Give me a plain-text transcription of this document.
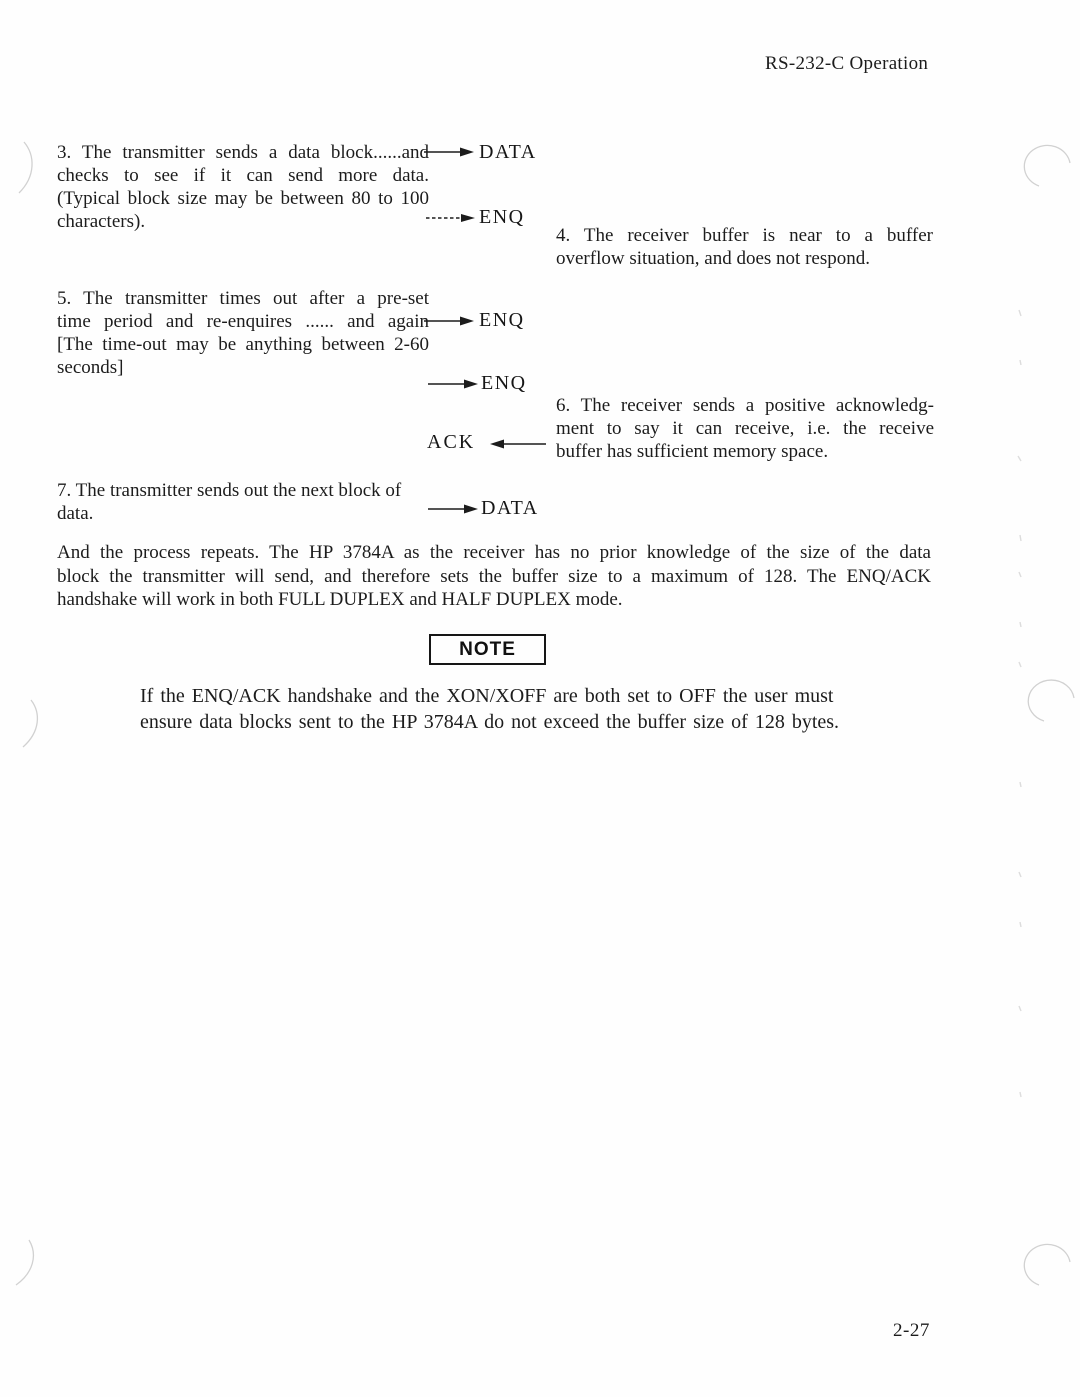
RS-232-C Operation
3. The transmitter sends a data block......and
checks to see if it can send more data.
(Typical block size may be between 80 to 100
characters).
DATA
ENQ
4. The receiver buffer is near to a buffer
overflow situation, and does not respond.
5. The transmitter times out after a pre-set
time period and re-enquires ...... and again
[The time-out may be anything between 2-60
seconds]
ENQ
ENQ
6. The receiver sends a positive acknowledg-
ment to say it can receive, i.e. the receive
buffer has sufficient memory space.
ACK
7. The transmitter sends out the next block of
data.	DATA
And the process repeats. The HP 3784A as the receiver has no prior knowledge of the size of the data
block the transmitter will send, and therefore sets the buffer size to a maximum of 128. The ENQ/ACK
handshake will work in both FULL DUPLEX and HALF DUPLEX mode.
NOTE
If the ENQ/ACK handshake and the XON/XOFF are both set to OFF the user must
ensure data blocks sent to the HP 3784A do not exceed the buffer size of 128 bytes.
2-27
